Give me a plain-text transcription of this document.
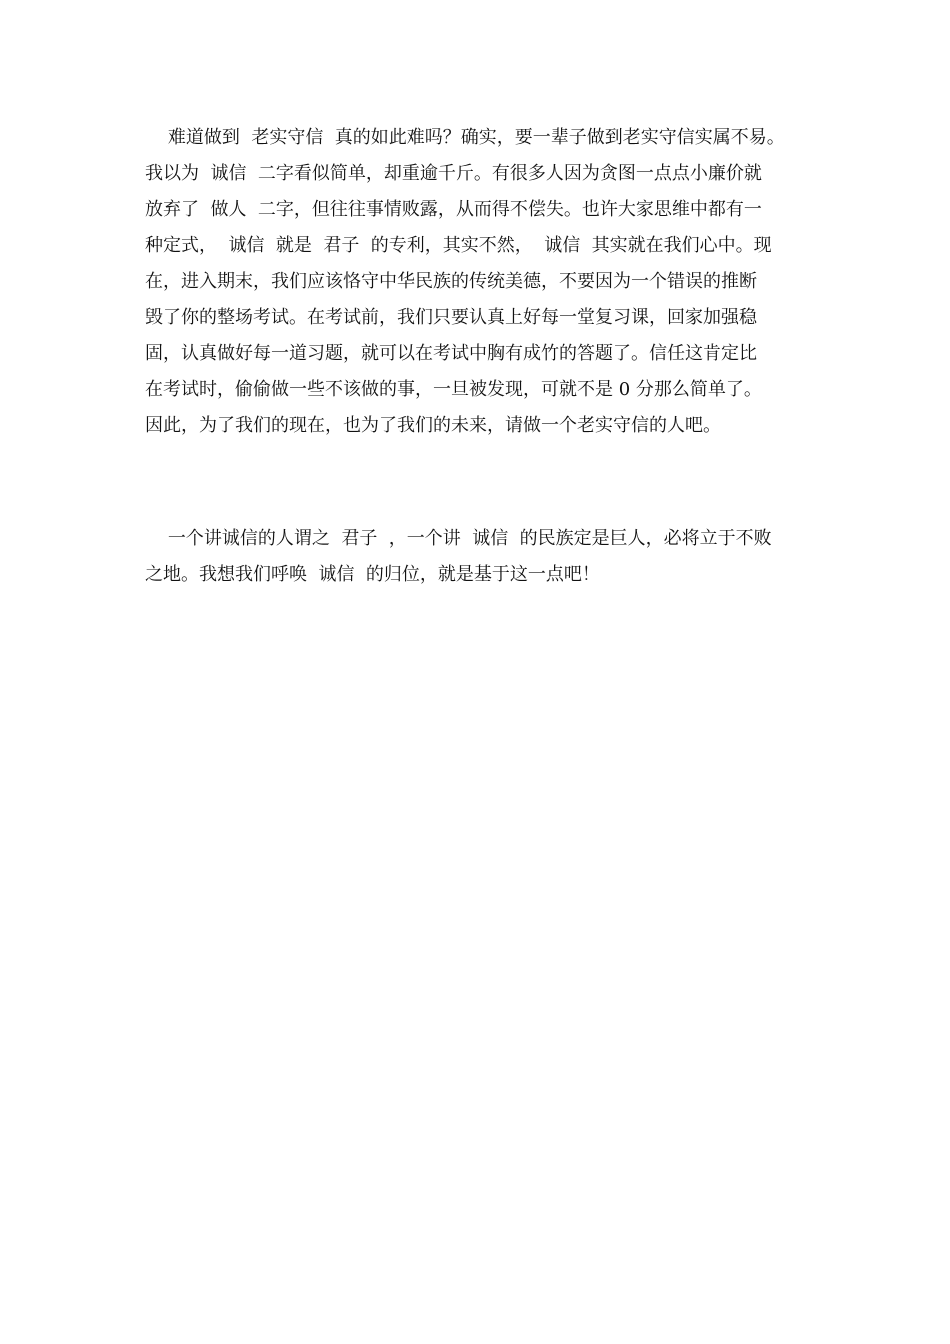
难道做到  老实守信  真的如此难吗？确实，要一辈子做到老实守信实属不易。
我以为  诚信  二字看似简单，却重逾千斤。有很多人因为贪图一点点小廉价就
放弃了  做人  二字，但往往事情败露，从而得不偿失。也许大家思维中都有一
种定式，  诚信  就是  君子  的专利，其实不然，  诚信  其实就在我们心中。现
在，进入期末，我们应该恪守中华民族的传统美德，不要因为一个错误的推断
毁了你的整场考试。在考试前，我们只要认真上好每一堂复习课，回家加强稳
固，认真做好每一道习题，就可以在考试中胸有成竹的答题了。信任这肯定比
在考试时，偷偷做一些不该做的事，一旦被发现，可就不是 0 分那么简单了。
因此，为了我们的现在，也为了我们的未来，请做一个老实守信的人吧。
一个讲诚信的人谓之  君子  ，一个讲  诚信  的民族定是巨人，必将立于不败
之地。我想我们呼唤  诚信  的归位，就是基于这一点吧！
